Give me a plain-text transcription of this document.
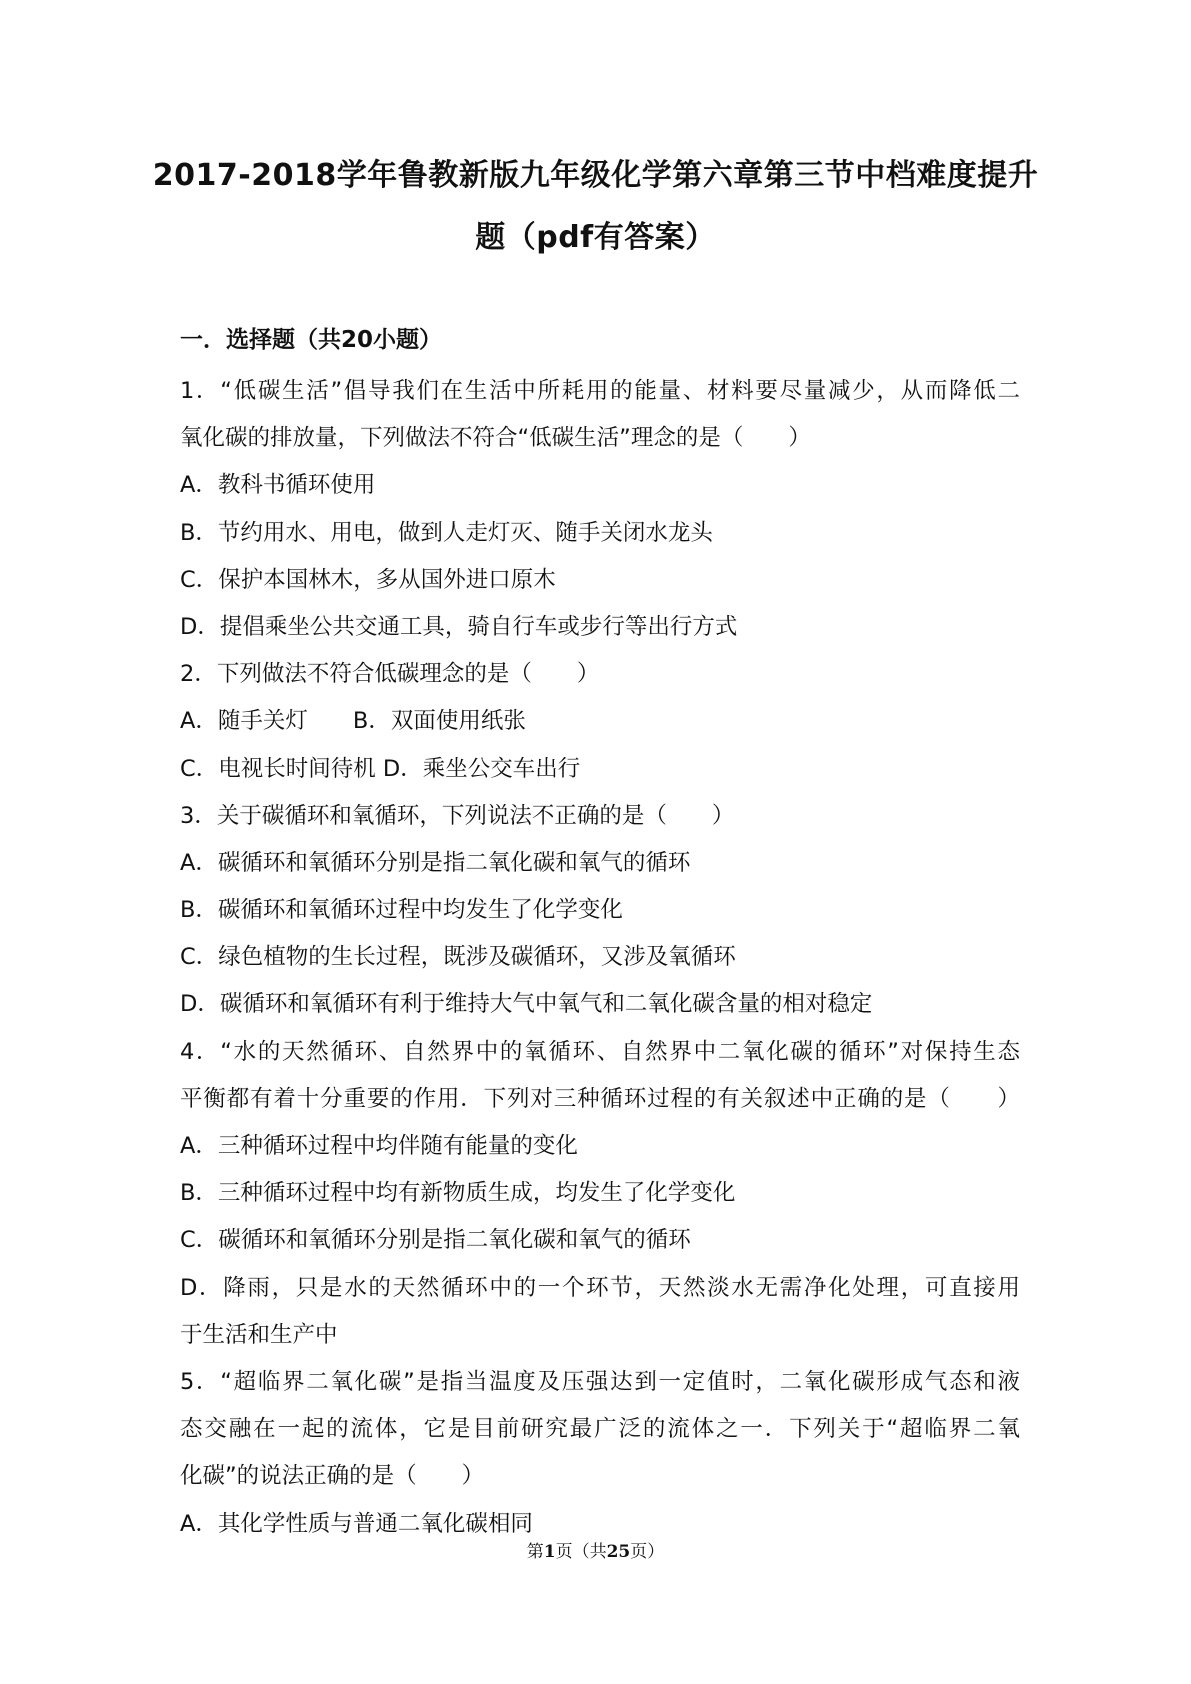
2017-2018学年鲁教新版九年级化学第六章第三节中档难度提升
题（pdf有答案）
一．选择题（共20小题）
1．“低碳生活”倡导我们在生活中所耗用的能量、材料要尽量减少，从而降低二
氧化碳的排放量，下列做法不符合“低碳生活”理念的是（　　）
A．教科书循环使用
B．节约用水、用电，做到人走灯灭、随手关闭水龙头
C．保护本国林木，多从国外进口原木
D．提倡乘坐公共交通工具，骑自行车或步行等出行方式
2．下列做法不符合低碳理念的是（　　）
A．随手关灯　　B．双面使用纸张
C．电视长时间待机 D．乘坐公交车出行
3．关于碳循环和氧循环，下列说法不正确的是（　　）
A．碳循环和氧循环分别是指二氧化碳和氧气的循环
B．碳循环和氧循环过程中均发生了化学变化
C．绿色植物的生长过程，既涉及碳循环，又涉及氧循环
D．碳循环和氧循环有利于维持大气中氧气和二氧化碳含量的相对稳定
4．“水的天然循环、自然界中的氧循环、自然界中二氧化碳的循环”对保持生态
平衡都有着十分重要的作用．下列对三种循环过程的有关叙述中正确的是（　　）
A．三种循环过程中均伴随有能量的变化
B．三种循环过程中均有新物质生成，均发生了化学变化
C．碳循环和氧循环分别是指二氧化碳和氧气的循环
D．降雨，只是水的天然循环中的一个环节，天然淡水无需净化处理，可直接用
于生活和生产中
5．“超临界二氧化碳”是指当温度及压强达到一定值时，二氧化碳形成气态和液
态交融在一起的流体，它是目前研究最广泛的流体之一．下列关于“超临界二氧
化碳”的说法正确的是（　　）
A．其化学性质与普通二氧化碳相同
第1页（共25页）
